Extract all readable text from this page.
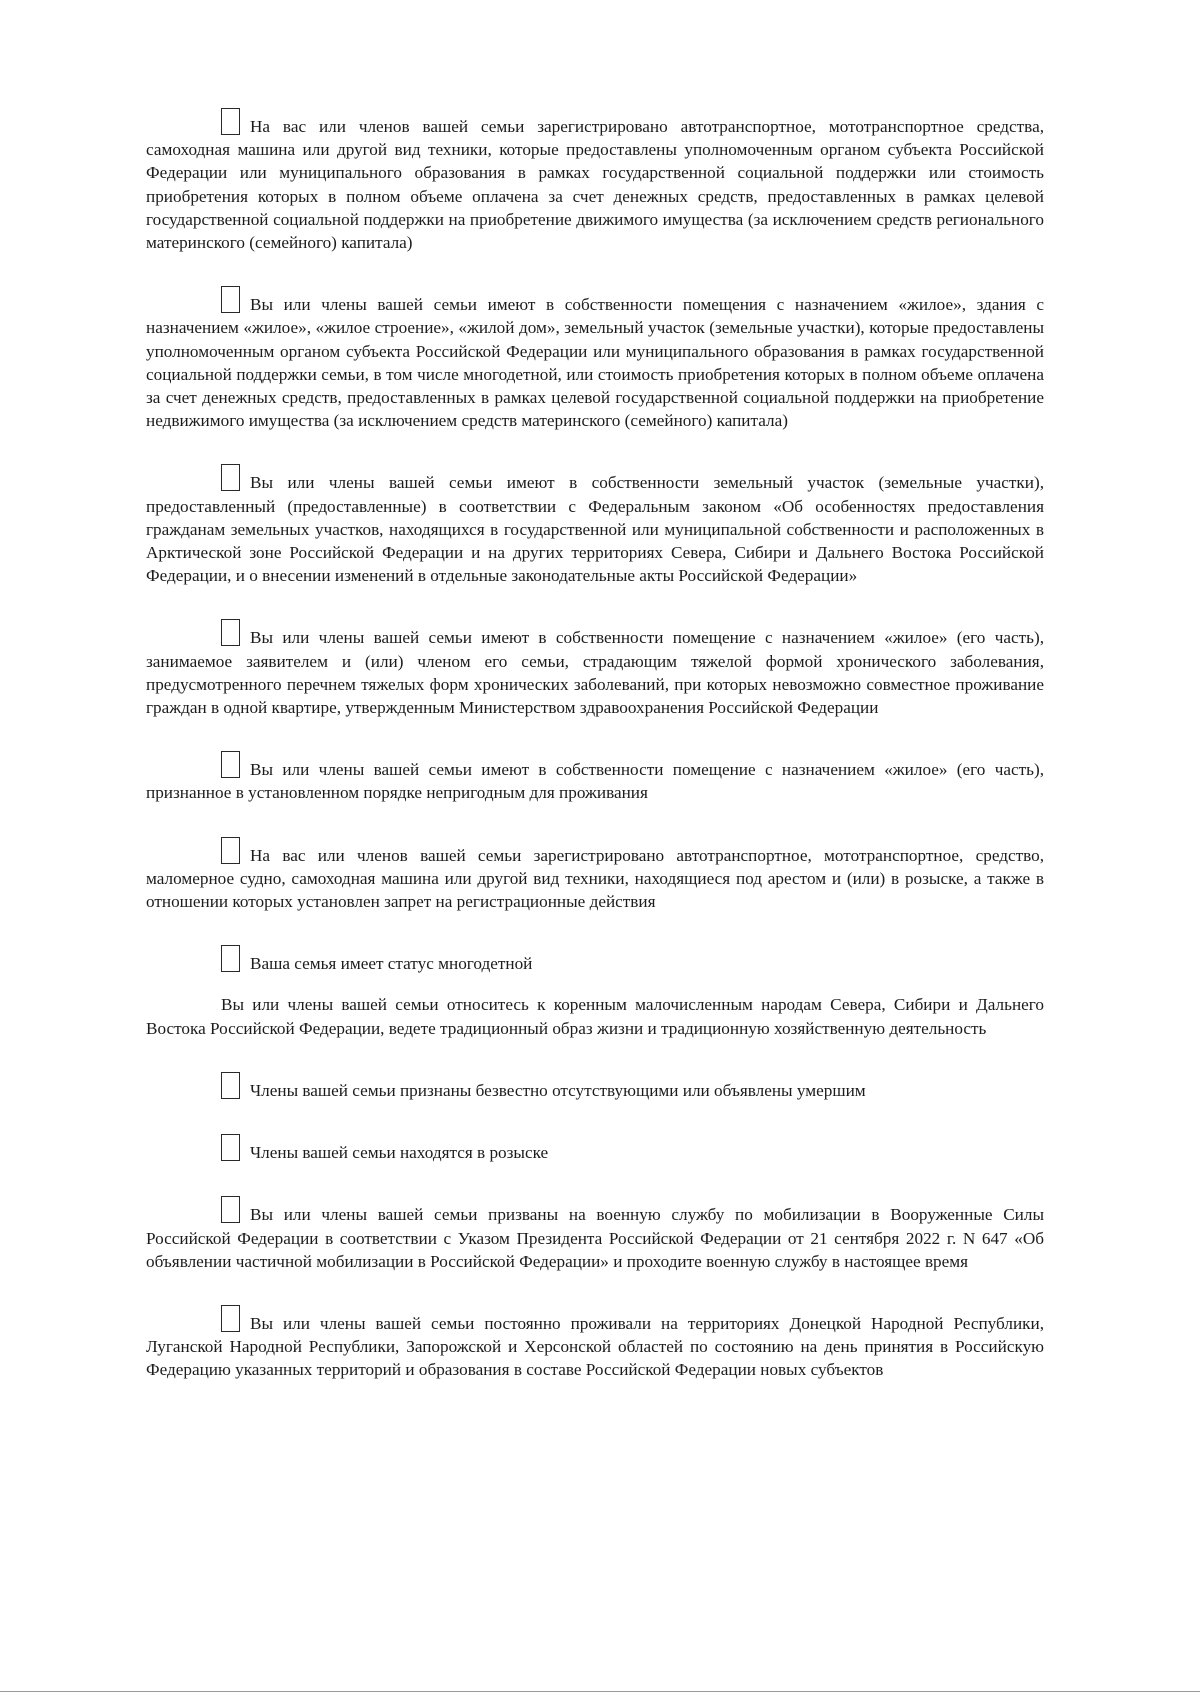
На вас или членов вашей семьи зарегистрировано автотранспортное, мототранспортное средства, самоходная машина или другой вид техники, которые предоставлены уполномоченным органом субъекта Российской Федерации или муниципального образования в рамках государственной социальной поддержки или стоимость приобретения которых в полном объеме оплачена за счет денежных средств, предоставленных в рамках целевой государственной социальной поддержки на приобретение движимого имущества (за исключением средств регионального материнского (семейного) капитала)

Вы или члены вашей семьи имеют в собственности помещения с назначением «жилое», здания с назначением «жилое», «жилое строение», «жилой дом», земельный участок (земельные участки), которые предоставлены уполномоченным органом субъекта Российской Федерации или муниципального образования в рамках государственной социальной поддержки семьи, в том числе многодетной, или стоимость приобретения которых в полном объеме оплачена за счет денежных средств, предоставленных в рамках целевой государственной социальной поддержки на приобретение недвижимого имущества (за исключением средств материнского (семейного) капитала)

Вы или члены вашей семьи имеют в собственности земельный участок (земельные участки), предоставленный (предоставленные) в соответствии с Федеральным законом «Об особенностях предоставления гражданам земельных участков, находящихся в государственной или муниципальной собственности и расположенных в Арктической зоне Российской Федерации и на других территориях Севера, Сибири и Дальнего Востока Российской Федерации, и о внесении изменений в отдельные законодательные акты Российской Федерации»

Вы или члены вашей семьи имеют в собственности помещение с назначением «жилое» (его часть), занимаемое заявителем и (или) членом его семьи, страдающим тяжелой формой хронического заболевания, предусмотренного перечнем тяжелых форм хронических заболеваний, при которых невозможно совместное проживание граждан в одной квартире, утвержденным Министерством здравоохранения Российской Федерации

Вы или члены вашей семьи имеют в собственности помещение с назначением «жилое» (его часть), признанное в установленном порядке непригодным для проживания

На вас или членов вашей семьи зарегистрировано автотранспортное, мототранспортное, средство, маломерное судно, самоходная машина или другой вид техники, находящиеся под арестом и (или) в розыске, а также в отношении которых установлен запрет на регистрационные действия

Ваша семья имеет статус многодетной

Вы или члены вашей семьи относитесь к коренным малочисленным народам Севера, Сибири и Дальнего Востока Российской Федерации, ведете традиционный образ жизни и традиционную хозяйственную деятельность

Члены вашей семьи признаны безвестно отсутствующими или объявлены умершим

Члены вашей семьи находятся в розыске

Вы или члены вашей семьи призваны на военную службу по мобилизации в Вооруженные Силы Российской Федерации в соответствии с Указом Президента Российской Федерации от 21 сентября 2022 г. N 647 «Об объявлении частичной мобилизации в Российской Федерации» и проходите военную службу в настоящее время

Вы или члены вашей семьи постоянно проживали на территориях Донецкой Народной Республики, Луганской Народной Республики, Запорожской и Херсонской областей по состоянию на день принятия в Российскую Федерацию указанных территорий и образования в составе Российской Федерации новых субъектов
